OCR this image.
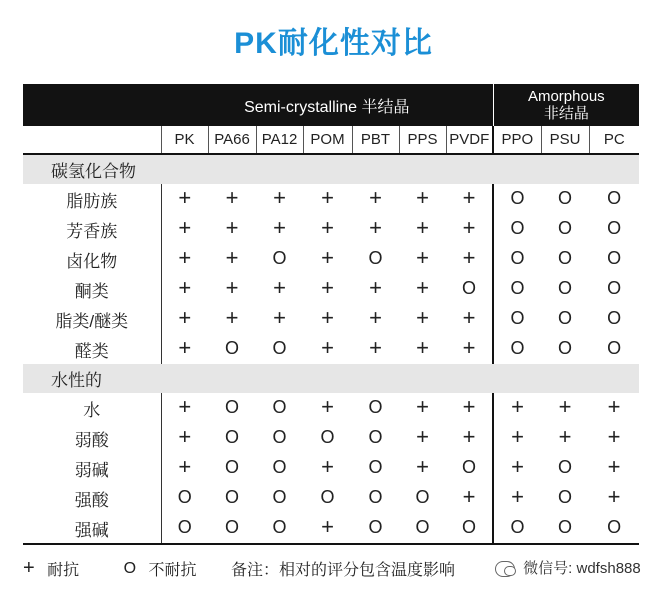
PK耐化性对比
	Semi-crystalline 半结晶							Amorphous
非结晶		

	PK	PA66	PA12	POM	PBT	PPS	PVDF	PPO	PSU	PC
碳氢化合物										
脂肪族	+	+	+	+	+	+	+	O	O	O
芳香族	+	+	+	+	+	+	+	O	O	O
卤化物	+	+	O	+	O	+	+	O	O	O
酮类	+	+	+	+	+	+	O	O	O	O
脂类/醚类	+	+	+	+	+	+	+	O	O	O
醛类	+	O	O	+	+	+	+	O	O	O
水性的										
水	+	O	O	+	O	+	+	+	+	+
弱酸	+	O	O	O	O	+	+	+	+	+
弱碱	+	O	O	+	O	+	O	+	O	+
强酸	O	O	O	O	O	O	+	+	O	+
强碱	O	O	O	+	O	O	O	O	O	O
+ 耐抗	O 不耐抗 备注：相对的评分包含温度影响	微信号: wdfsh888
